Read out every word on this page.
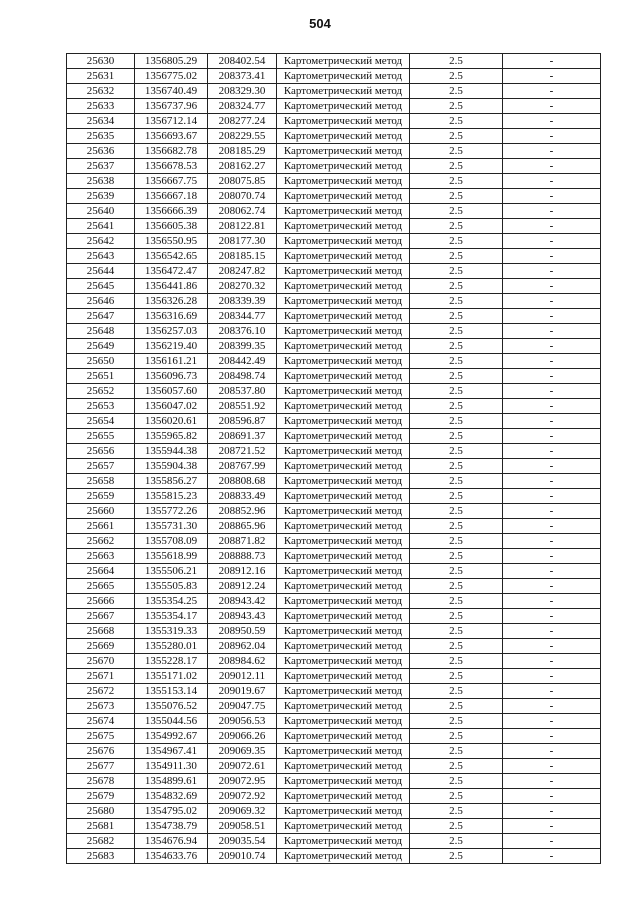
504
25630	1356805.29	208402.54	Картометрический метод	2.5	-
25631	1356775.02	208373.41	Картометрический метод	2.5	-
25632	1356740.49	208329.30	Картометрический метод	2.5	-
25633	1356737.96	208324.77	Картометрический метод	2.5	-
25634	1356712.14	208277.24	Картометрический метод	2.5	-
25635	1356693.67	208229.55	Картометрический метод	2.5	-
25636	1356682.78	208185.29	Картометрический метод	2.5	-
25637	1356678.53	208162.27	Картометрический метод	2.5	-
25638	1356667.75	208075.85	Картометрический метод	2.5	-
25639	1356667.18	208070.74	Картометрический метод	2.5	-
25640	1356666.39	208062.74	Картометрический метод	2.5	-
25641	1356605.38	208122.81	Картометрический метод	2.5	-
25642	1356550.95	208177.30	Картометрический метод	2.5	-
25643	1356542.65	208185.15	Картометрический метод	2.5	-
25644	1356472.47	208247.82	Картометрический метод	2.5	-
25645	1356441.86	208270.32	Картометрический метод	2.5	-
25646	1356326.28	208339.39	Картометрический метод	2.5	-
25647	1356316.69	208344.77	Картометрический метод	2.5	-
25648	1356257.03	208376.10	Картометрический метод	2.5	-
25649	1356219.40	208399.35	Картометрический метод	2.5	-
25650	1356161.21	208442.49	Картометрический метод	2.5	-
25651	1356096.73	208498.74	Картометрический метод	2.5	-
25652	1356057.60	208537.80	Картометрический метод	2.5	-
25653	1356047.02	208551.92	Картометрический метод	2.5	-
25654	1356020.61	208596.87	Картометрический метод	2.5	-
25655	1355965.82	208691.37	Картометрический метод	2.5	-
25656	1355944.38	208721.52	Картометрический метод	2.5	-
25657	1355904.38	208767.99	Картометрический метод	2.5	-
25658	1355856.27	208808.68	Картометрический метод	2.5	-
25659	1355815.23	208833.49	Картометрический метод	2.5	-
25660	1355772.26	208852.96	Картометрический метод	2.5	-
25661	1355731.30	208865.96	Картометрический метод	2.5	-
25662	1355708.09	208871.82	Картометрический метод	2.5	-
25663	1355618.99	208888.73	Картометрический метод	2.5	-
25664	1355506.21	208912.16	Картометрический метод	2.5	-
25665	1355505.83	208912.24	Картометрический метод	2.5	-
25666	1355354.25	208943.42	Картометрический метод	2.5	-
25667	1355354.17	208943.43	Картометрический метод	2.5	-
25668	1355319.33	208950.59	Картометрический метод	2.5	-
25669	1355280.01	208962.04	Картометрический метод	2.5	-
25670	1355228.17	208984.62	Картометрический метод	2.5	-
25671	1355171.02	209012.11	Картометрический метод	2.5	-
25672	1355153.14	209019.67	Картометрический метод	2.5	-
25673	1355076.52	209047.75	Картометрический метод	2.5	-
25674	1355044.56	209056.53	Картометрический метод	2.5	-
25675	1354992.67	209066.26	Картометрический метод	2.5	-
25676	1354967.41	209069.35	Картометрический метод	2.5	-
25677	1354911.30	209072.61	Картометрический метод	2.5	-
25678	1354899.61	209072.95	Картометрический метод	2.5	-
25679	1354832.69	209072.92	Картометрический метод	2.5	-
25680	1354795.02	209069.32	Картометрический метод	2.5	-
25681	1354738.79	209058.51	Картометрический метод	2.5	-
25682	1354676.94	209035.54	Картометрический метод	2.5	-
25683	1354633.76	209010.74	Картометрический метод	2.5	-
